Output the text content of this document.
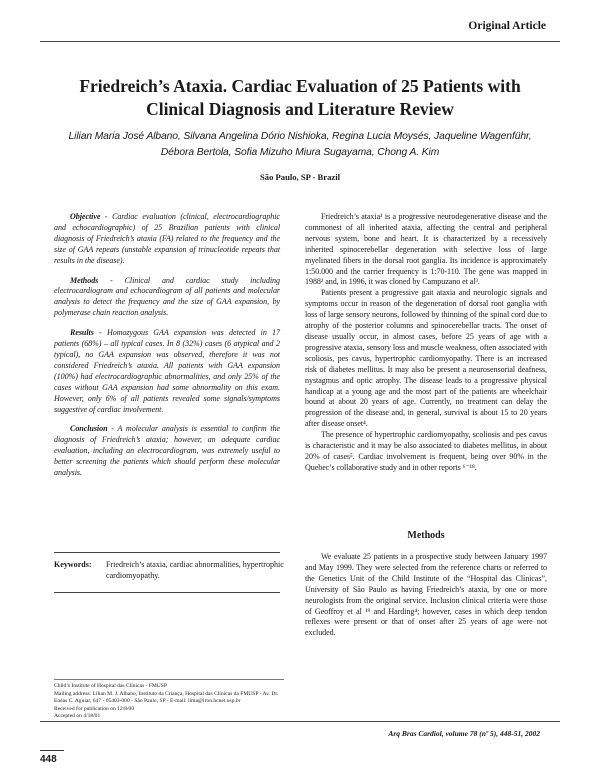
Original Article
Friedreich’s Ataxia. Cardiac Evaluation of 25 Patients with
Clinical Diagnosis and Literature Review
Lilian Maria José Albano, Silvana Angelina Dório Nishioka, Regina Lucia Moysés, Jaqueline Wagenführ,
Débora Bertola, Sofia Mizuho Miura Sugayama, Chong A. Kim
São Paulo, SP - Brazil

Objective - Cardiac evaluation (clinical, electrocardiographic and echocardiographic) of 25 Brazilian patients with clinical diagnosis of Friedreich’s ataxia (FA) related to the frequency and the size of GAA repeats (unstable expansion of trinucleotide repeats that results in the disease).

Methods - Clinical and cardiac study including electrocardiogram and echocardiogram of all patients and molecular analysis to detect the frequency and the size of GAA expansion, by polymerase chain reaction analysis.

Results - Homozygous GAA expansion was detected in 17 patients (68%) – all typical cases. In 8 (32%) cases (6 atypical and 2 typical), no GAA expansion was observed, therefore it was not considered Friedreich’s ataxia. All patients with GAA expansion (100%) had electrocardiographic abnormalities, and only 25% of the cases without GAA expansion had some abnormality on this exam. However, only 6% of all patients revealed some signals/symptoms suggestive of cardiac involvement.

Conclusion - A molecular analysis is essential to confirm the diagnosis of Friedreich’s ataxia; however, an adequate cardiac evaluation, including an electrocardiogram, was extremely useful to better screening the patients which should perform these molecular analysis.

Keywords:	Friedreich’s ataxia, cardiac abnormalities, hypertrophic cardiomyopathy.
Child’s Institute of Hospital das Clínicas - FMUSP
Mailing address: Lilian M. J. Albano, Instituto da Criança, Hospital das Clínicas da FMUSP - Av. Dr. Enéas C. Aguiar, 647 - 05403-000 - São Paulo, SP - E-mail: lima@iron.hcnet.usp.br
Received for publication on 12/8/00
Accepted on 4/18/01

Friedreich’s ataxia¹ is a progressive neurodegenerative disease and the commonest of all inherited ataxia, affecting the central and peripheral nervous system, bone and heart. It is characterized by a recessively inherited spinocerebellar degeneration with selective loss of large myelinated fibers in the dorsal root ganglia. Its incidence is approximately 1:50.000 and the carrier frequency is 1:70-110. The gene was mapped in 1988² and, in 1996, it was cloned by Campuzano et al³.

Patients present a progressive gait ataxia and neurologic signals and symptoms occur in reason of the degeneration of dorsal root ganglia with loss of large sensory neurons, followed by thinning of the spinal cord due to atrophy of the posterior columns and spinocerebellar tracts. The onset of disease usually occur, in almost cases, before 25 years of age with a progressive ataxia, sensory loss and muscle weakness, often associated with scoliosis, pes cavus, hypertrophic cardiomyopathy. There is an increased risk of diabetes mellitus. It may also be present a neurosensorial deafness, nystagmus and optic atrophy. The disease leads to a progressive physical handicap at a young age and the most part of the patients are wheelchair bound at about 20 years of age. Currently, no treatment can delay the progression of the disease and, in general, survival is about 15 to 20 years after disease onset⁴.

The presence of hypertrophic cardiomyopathy, scoliosis and pes cavus is characteristic and it may be also associated to diabetes mellitus, in about 20% of cases⁵. Cardiac involvement is frequent, being over 90% in the Quebec’s collaborative study and in other reports ⁶⁻¹⁸.

Methods

We evaluate 25 patients in a prospective study between January 1997 and May 1999. They were selected from the reference charts or referred to the Genetics Unit of the Child Institute of the “Hospital das Clínicas”, University of São Paulo as having Friedreich’s ataxia, by one or more neurologists from the original service. Inclusion clinical criteria were those of Geoffroy et al ¹⁹ and Harding⁴; however, cases in which deep tendon reflexes were present or that of onset after 25 years of age were not excluded.

Arq Bras Cardiol, volume 78 (nº 5), 448-51, 2002
448
